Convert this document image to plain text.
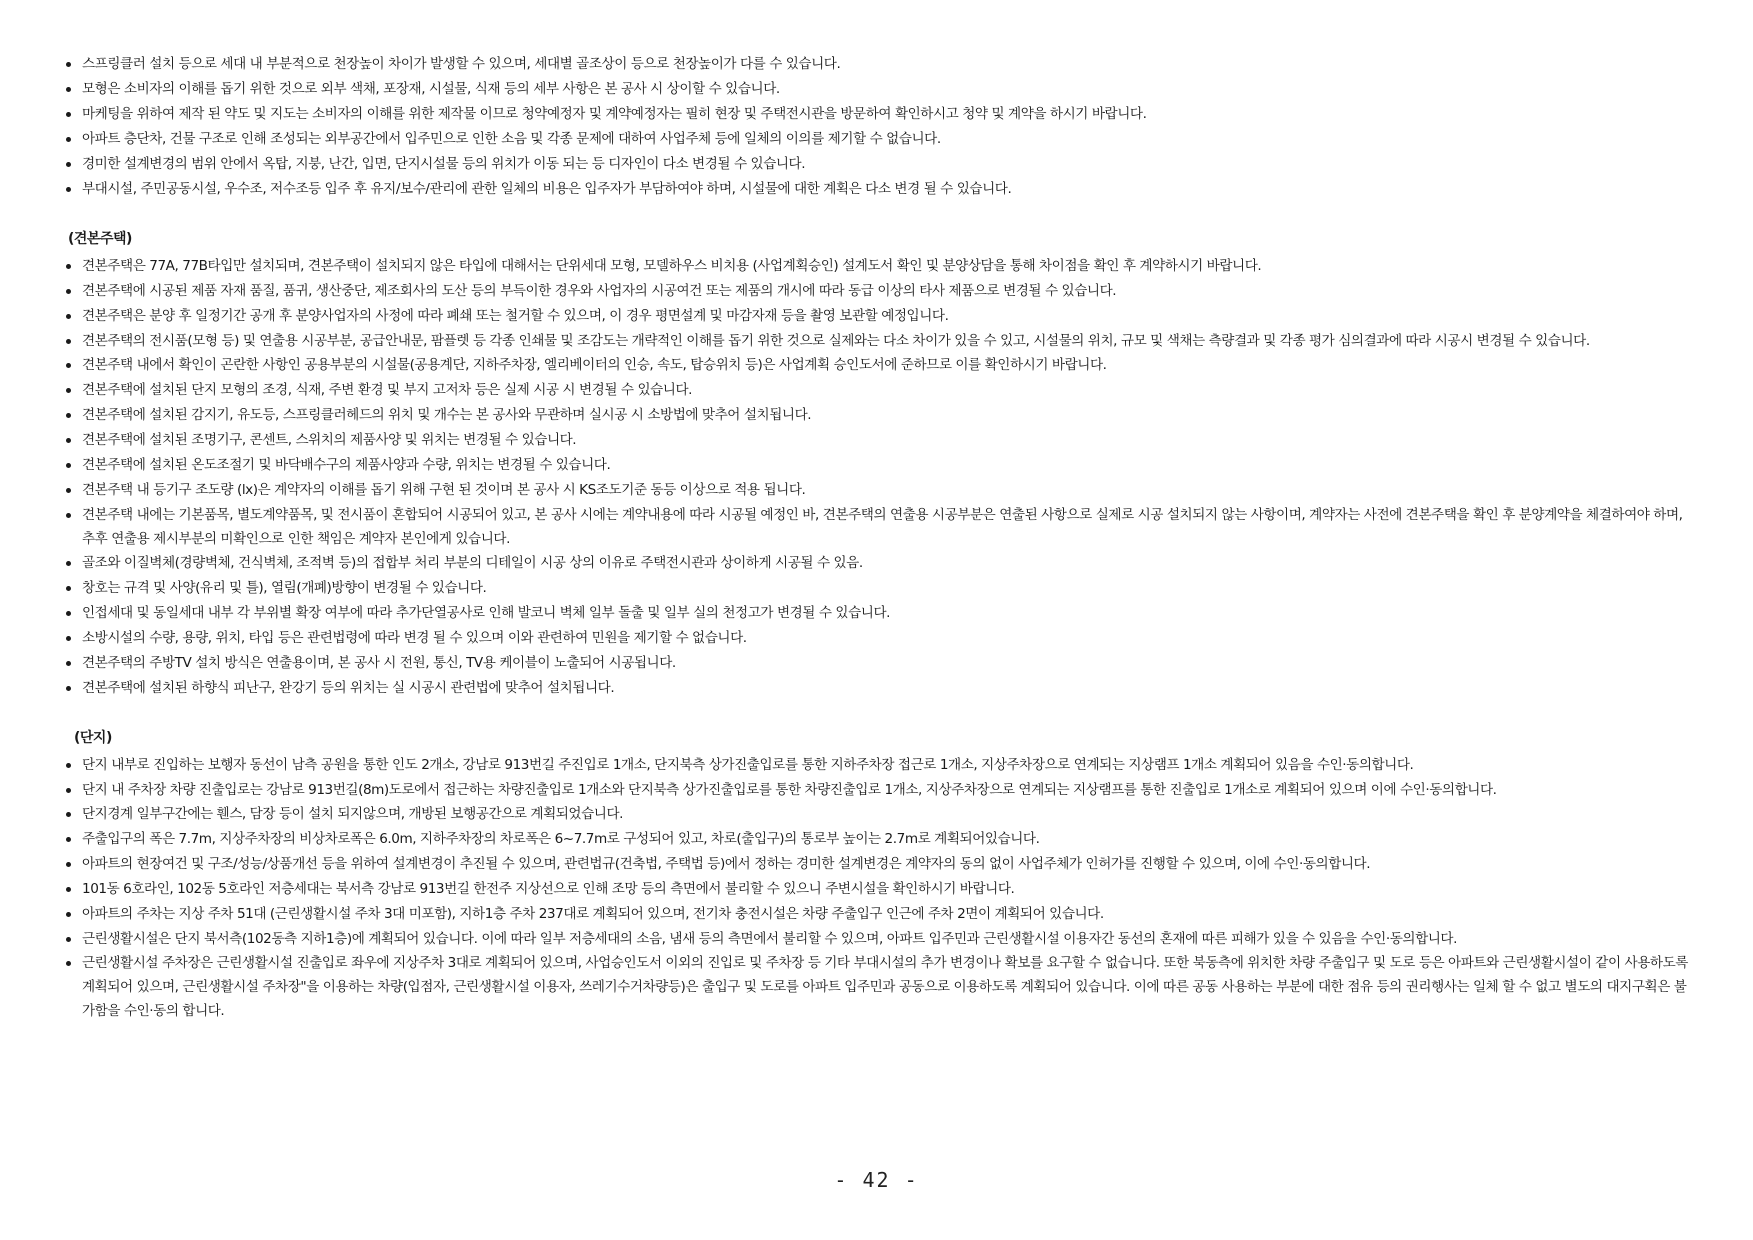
스프링클러 설치 등으로 세대 내 부분적으로 천장높이 차이가 발생할 수 있으며, 세대별 골조상이 등으로 천장높이가 다를 수 있습니다.
모형은 소비자의 이해를 돕기 위한 것으로 외부 색채, 포장재, 시설물, 식재 등의 세부 사항은 본 공사 시 상이할 수 있습니다.
마케팅을 위하여 제작 된 약도 및 지도는 소비자의 이해를 위한 제작물 이므로 청약예정자 및 계약예정자는 필히 현장 및 주택전시관을 방문하여 확인하시고 청약 및 계약을 하시기 바랍니다.
아파트 층단차, 건물 구조로 인해 조성되는 외부공간에서 입주민으로 인한 소음 및 각종 문제에 대하여 사업주체 등에 일체의 이의를 제기할 수 없습니다.
경미한 설계변경의 범위 안에서 옥탑, 지붕, 난간, 입면, 단지시설물 등의 위치가 이동 되는 등 디자인이 다소 변경될 수 있습니다.
부대시설, 주민공동시설, 우수조, 저수조등 입주 후 유지/보수/관리에 관한 일체의 비용은 입주자가 부담하여야 하며, 시설물에 대한 계획은 다소 변경 될 수 있습니다.
(견본주택)
견본주택은 77A, 77B타입만 설치되며, 견본주택이 설치되지 않은 타입에 대해서는 단위세대 모형, 모델하우스 비치용 (사업계획승인) 설계도서 확인 및 분양상담을 통해 차이점을 확인 후 계약하시기 바랍니다.
견본주택에 시공된 제품 자재 품질, 품귀, 생산중단, 제조회사의 도산 등의 부득이한 경우와 사업자의 시공여건 또는 제품의 개시에 따라 동급 이상의 타사 제품으로 변경될 수 있습니다.
견본주택은 분양 후 일정기간 공개 후 분양사업자의 사정에 따라 폐쇄 또는 철거할 수 있으며, 이 경우 평면설계 및 마감자재 등을 촬영 보관할 예정입니다.
견본주택의 전시품(모형 등) 및 연출용 시공부분, 공급안내문, 팜플렛 등 각종 인쇄물 및 조감도는 개략적인 이해를 돕기 위한 것으로 실제와는 다소 차이가 있을 수 있고, 시설물의 위치, 규모 및 색채는 측량결과 및 각종 평가 심의결과에 따라 시공시 변경될 수 있습니다.
견본주택 내에서 확인이 곤란한 사항인 공용부분의 시설물(공용계단, 지하주차장, 엘리베이터의 인승, 속도, 탑승위치 등)은 사업계획 승인도서에 준하므로 이를 확인하시기 바랍니다.
견본주택에 설치된 단지 모형의 조경, 식재, 주변 환경 및 부지 고저차 등은 실제 시공 시 변경될 수 있습니다.
견본주택에 설치된 감지기, 유도등, 스프링클러헤드의 위치 및 개수는 본 공사와 무관하며 실시공 시 소방법에 맞추어 설치됩니다.
견본주택에 설치된 조명기구, 콘센트, 스위치의 제품사양 및 위치는 변경될 수 있습니다.
견본주택에 설치된 온도조절기 및 바닥배수구의 제품사양과 수량, 위치는 변경될 수 있습니다.
견본주택 내 등기구 조도량 (lx)은 계약자의 이해를 돕기 위해 구현 된 것이며 본 공사 시 KS조도기준 동등 이상으로 적용 됩니다.
견본주택 내에는 기본품목, 별도계약품목, 및 전시품이 혼합되어 시공되어 있고, 본 공사 시에는 계약내용에 따라 시공될 예정인 바, 견본주택의 연출용 시공부분은 연출된 사항으로 실제로 시공 설치되지 않는 사항이며, 계약자는 사전에 견본주택을 확인 후 분양계약을 체결하여야 하며, 추후 연출용 제시부분의 미확인으로 인한 책임은 계약자 본인에게 있습니다.
골조와 이질벽체(경량벽체, 건식벽체, 조적벽 등)의 접합부 처리 부분의 디테일이 시공 상의 이유로 주택전시관과 상이하게 시공될 수 있음.
창호는 규격 및 사양(유리 및 틀), 열림(개폐)방향이 변경될 수 있습니다.
인접세대 및 동일세대 내부 각 부위별 확장 여부에 따라 추가단열공사로 인해 발코니 벽체 일부 돌출 및 일부 실의 천정고가 변경될 수 있습니다.
소방시설의 수량, 용량, 위치, 타입 등은 관련법령에 따라 변경 될 수 있으며 이와 관련하여 민원을 제기할 수 없습니다.
견본주택의 주방TV 설치 방식은 연출용이며, 본 공사 시 전원, 통신, TV용 케이블이 노출되어 시공됩니다.
견본주택에 설치된 하향식 피난구, 완강기 등의 위치는 실 시공시 관련법에 맞추어 설치됩니다.
(단지)
단지 내부로 진입하는 보행자 동선이 남측 공원을 통한 인도 2개소, 강남로 913번길 주진입로 1개소, 단지북측 상가진출입로를 통한 지하주차장 접근로 1개소, 지상주차장으로 연계되는 지상램프 1개소 계획되어 있음을 수인·동의합니다.
단지 내 주차장 차량 진출입로는 강남로 913번길(8m)도로에서 접근하는 차량진출입로 1개소와 단지북측 상가진출입로를 통한 차량진출입로 1개소, 지상주차장으로 연계되는 지상램프를 통한 진출입로 1개소로 계획되어 있으며 이에 수인·동의합니다.
단지경계 일부구간에는 휀스, 담장 등이 설치 되지않으며, 개방된 보행공간으로 계획되었습니다.
주출입구의 폭은 7.7m, 지상주차장의 비상차로폭은 6.0m, 지하주차장의 차로폭은 6~7.7m로 구성되어 있고, 차로(출입구)의 통로부 높이는 2.7m로 계획되어있습니다.
아파트의 현장여건 및 구조/성능/상품개선 등을 위하여 설계변경이 추진될 수 있으며, 관련법규(건축법, 주택법 등)에서 정하는 경미한 설계변경은 계약자의 동의 없이 사업주체가 인허가를 진행할 수 있으며, 이에 수인·동의합니다.
101동 6호라인, 102동 5호라인 저층세대는 북서측 강남로 913번길 한전주 지상선으로 인해 조망 등의 측면에서 불리할 수 있으니 주변시설을 확인하시기 바랍니다.
아파트의 주차는 지상 주차 51대 (근린생활시설 주차 3대 미포함), 지하1층 주차 237대로 계획되어 있으며, 전기차 충전시설은 차량 주출입구 인근에 주차 2면이 계획되어 있습니다.
근린생활시설은 단지 북서측(102동측 지하1층)에 계획되어 있습니다. 이에 따라 일부 저층세대의 소음, 냄새 등의 측면에서 불리할 수 있으며, 아파트 입주민과 근린생활시설 이용자간 동선의 혼재에 따른 피해가 있을 수 있음을 수인·동의합니다.
근린생활시설 주차장은 근린생활시설 진출입로 좌우에 지상주차 3대로 계획되어 있으며, 사업승인도서 이외의 진입로 및 주차장 등 기타 부대시설의 추가 변경이나 확보를 요구할 수 없습니다. 또한 북동측에 위치한 차량 주출입구 및 도로 등은 아파트와 근린생활시설이 같이 사용하도록 계획되어 있으며, 근린생활시설 주차장"을 이용하는 차량(입점자, 근린생활시설 이용자, 쓰레기수거차량등)은 출입구 및 도로를 아파트 입주민과 공동으로 이용하도록 계획되어 있습니다. 이에 따른 공동 사용하는 부분에 대한 점유 등의 권리행사는 일체 할 수 없고 별도의 대지구획은 불가함을 수인·동의 합니다.
- 42 -
